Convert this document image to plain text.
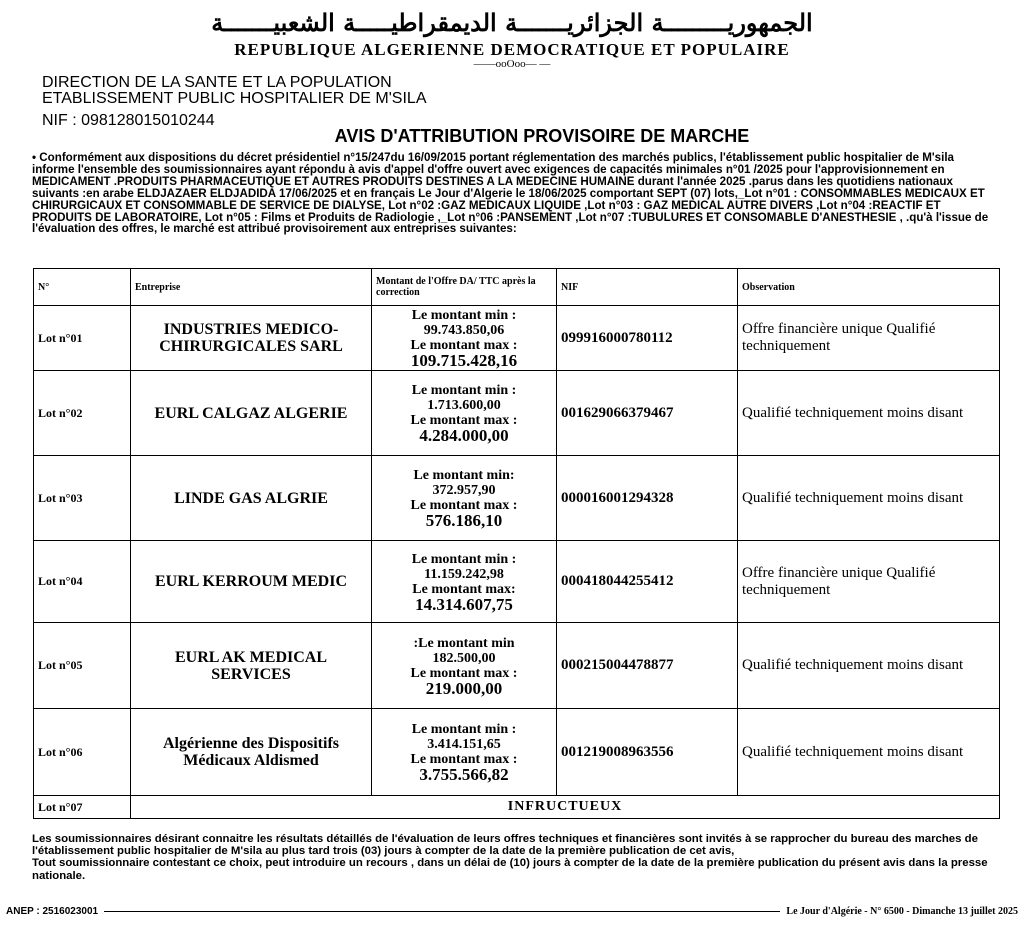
الجمهوريـــــــــة الجزائريـــــــة الديمقراطيـــــة الشعبيـــــــة
REPUBLIQUE ALGERIENNE DEMOCRATIQUE ET POPULAIRE
——ooOoo— —
DIRECTION DE LA SANTE ET LA POPULATION
ETABLISSEMENT PUBLIC HOSPITALIER DE M'SILA
NIF : 098128015010244
AVIS D'ATTRIBUTION PROVISOIRE DE MARCHE
• Conformément aux dispositions du décret présidentiel n°15/247du 16/09/2015 portant réglementation des marchés publics, l'établissement public hospitalier de M'sila informe l'ensemble des soumissionnaires ayant répondu à avis d'appel d'offre ouvert avec exigences de capacités minimales n°01 /2025 pour l'approvisionnement en MEDICAMENT .PRODUITS PHARMACEUTIQUE ET AUTRES PRODUITS DESTINES A LA MEDECINE HUMAINE durant l'année 2025 .parus dans les quotidiens nationaux suivants :en arabe ELDJAZAER ELDJADIDA 17/06/2025 et en français Le Jour d'Algerie le 18/06/2025 comportant SEPT (07) lots,_Lot n°01 : CONSOMMABLES MEDICAUX ET CHIRURGICAUX ET CONSOMMABLE DE SERVICE DE DIALYSE, Lot n°02 :GAZ MEDICAUX LIQUIDE ,Lot n°03 : GAZ MEDICAL AUTRE DIVERS ,Lot n°04 :REACTIF ET PRODUITS DE LABORATOIRE, Lot n°05 : Films et Produits de Radiologie ,_Lot n°06 :PANSEMENT ,Lot n°07 :TUBULURES ET CONSOMABLE D'ANESTHESIE , .qu'à l'issue de l'évaluation des offres, le marché est attribué provisoirement aux entreprises suivantes:
N°	Entreprise	Montant de l'Offre DA/ TTC après la correction	NIF	Observation
Lot n°01	INDUSTRIES MEDICO-CHIRURGICALES SARL	Le montant min :
99.743.850,06
Le montant max :
109.715.428,16	099916000780112	Offre financière unique Qualifié techniquement
Lot n°02	EURL CALGAZ ALGERIE	Le montant min :
1.713.600,00
Le montant max :
4.284.000,00	001629066379467	Qualifié techniquement moins disant
Lot n°03	LINDE GAS ALGRIE	Le montant min:
372.957,90
Le montant max :
576.186,10	000016001294328	Qualifié techniquement moins disant
Lot n°04	EURL KERROUM MEDIC	Le montant min :
11.159.242,98
Le montant max:
14.314.607,75	000418044255412	Offre financière unique Qualifié techniquement
Lot n°05	EURL AK MEDICAL SERVICES	:Le montant min
182.500,00
Le montant max :
219.000,00	000215004478877	Qualifié techniquement moins disant
Lot n°06	Algérienne des Dispositifs Médicaux Aldismed	Le montant min :
3.414.151,65
Le montant max :
3.755.566,82	001219008963556	Qualifié techniquement moins disant
Lot n°07	INFRUCTUEUX			
Les soumissionnaires désirant connaitre les résultats détaillés de l'évaluation de leurs offres techniques et financières sont invités à se rapprocher du bureau des marches de l'établissement public hospitalier de M'sila au plus tard trois (03) jours à compter de la date de la première publication de cet avis,
Tout soumissionnaire contestant ce choix, peut introduire un recours , dans un délai de (10) jours à compter de la date de la première publication du présent avis dans la presse nationale.
ANEP : 2516023001	Le Jour d'Algérie - N° 6500 - Dimanche 13 juillet 2025
